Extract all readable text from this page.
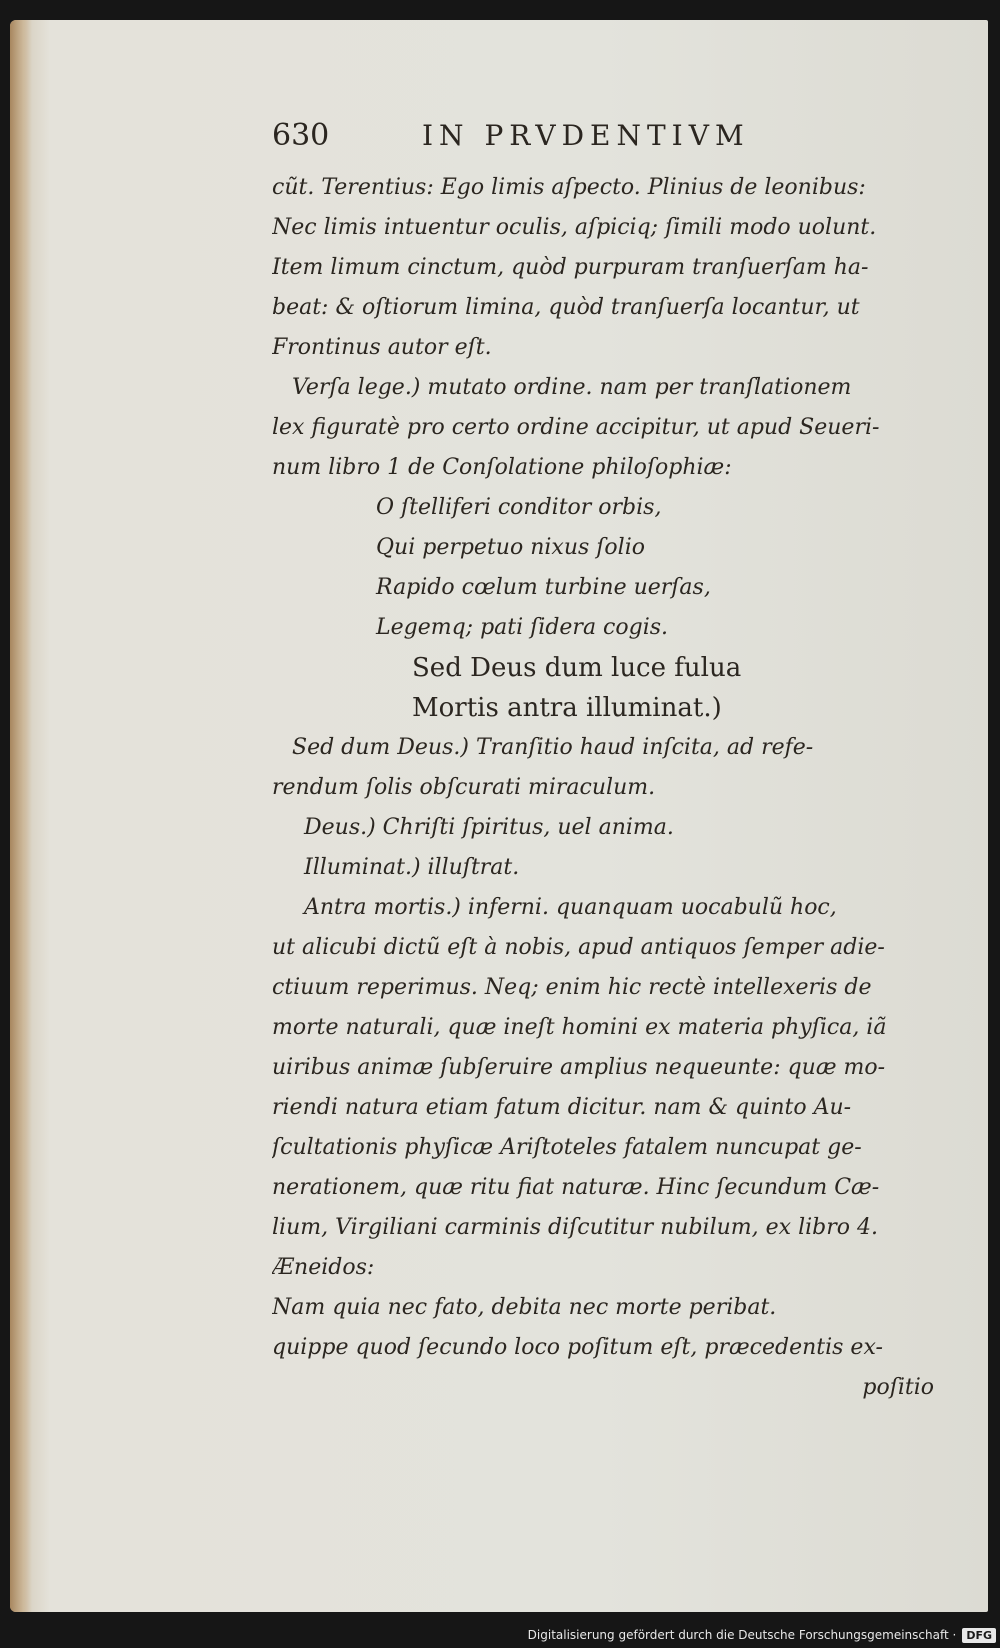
630	IN PRVDENTIVM
cũt. Terentius: Ego limis aſpecto. Plinius de leonibus:
Nec limis intuentur oculis, aſpiciq; ſimili modo uolunt.
Item limum cinctum, quòd purpuram tranſuerſam ha-
beat: & oſtiorum limina, quòd tranſuerſa locantur, ut
Frontinus autor eſt.
Verſa lege.) mutato ordine. nam per tranſlationem
lex figuratè pro certo ordine accipitur, ut apud Seueri-
num libro 1 de Conſolatione philoſophiæ:
O ſtelliferi conditor orbis,
Qui perpetuo nixus ſolio
Rapido cœlum turbine uerſas,
Legemq; pati ſidera cogis.
Sed Deus dum luce fulua
Mortis antra illuminat.)
Sed dum Deus.) Tranſitio haud inſcita, ad refe-
rendum ſolis obſcurati miraculum.
Deus.) Chriſti ſpiritus, uel anima.
Illuminat.) illuſtrat.
Antra mortis.) inferni. quanquam uocabulũ hoc,
ut alicubi dictũ eſt à nobis, apud antiquos ſemper adie-
ctiuum reperimus. Neq; enim hic rectè intellexeris de
morte naturali, quæ ineſt homini ex materia phyſica, iã
uiribus animæ ſubſeruire amplius nequeunte: quæ mo-
riendi natura etiam fatum dicitur. nam & quinto Au-
ſcultationis phyſicæ Ariſtoteles fatalem nuncupat ge-
nerationem, quæ ritu fiat naturæ. Hinc ſecundum Cæ-
lium, Virgiliani carminis diſcutitur nubilum, ex libro 4.
Æneidos:
Nam quia nec fato, debita nec morte peribat.
quippe quod ſecundo loco poſitum eſt, præcedentis ex-
poſitio
Digitalisierung gefördert durch die Deutsche Forschungsgemeinschaft · DFG
